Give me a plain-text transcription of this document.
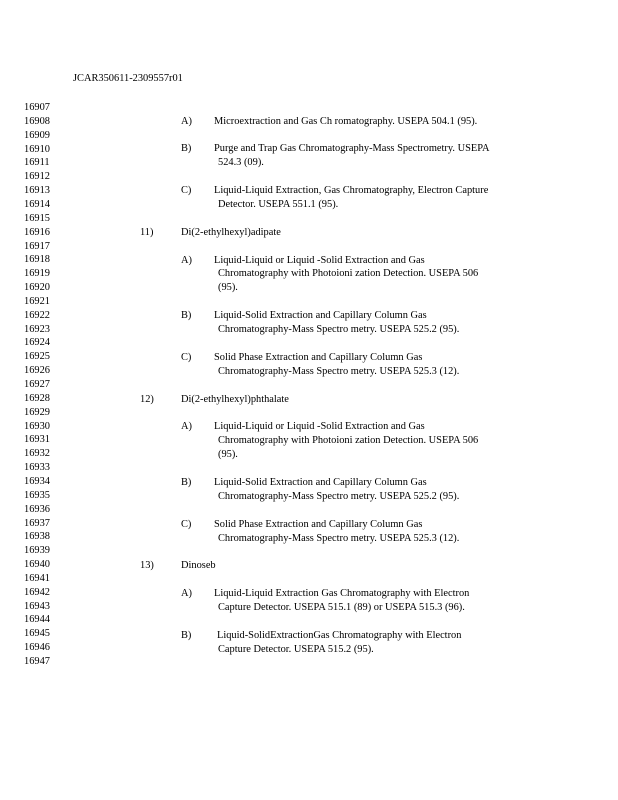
JCAR350611-2309557r01
16907
16908
16909
16910
16911
16912
16913
16914
16915
16916
16917
16918
16919
16920
16921
16922
16923
16924
16925
16926
16927
16928
16929
16930
16931
16932
16933
16934
16935
16936
16937
16938
16939
16940
16941
16942
16943
16944
16945
16946
16947
A) Microextraction and Gas Ch romatography. USEPA 504.1 (95).
B) Purge and Trap Gas Chromatography-Mass Spectrometry. USEPA
524.3 (09).
C) Liquid-Liquid Extraction, Gas Chromatography, Electron Capture
Detector. USEPA 551.1 (95).
11)	Di(2-ethylhexyl)adipate
A) Liquid-Liquid or Liquid -Solid Extraction and Gas
Chromatography with Photoioni zation Detection. USEPA 506
(95).
B) Liquid-Solid Extraction and Capillary Column Gas
Chromatography-Mass Spectro metry. USEPA 525.2 (95).
C) Solid Phase Extraction and Capillary Column Gas
Chromatography-Mass Spectro metry. USEPA 525.3 (12).
12)	Di(2-ethylhexyl)phthalate
A) Liquid-Liquid or Liquid -Solid Extraction and Gas
Chromatography with Photoioni zation Detection. USEPA 506
(95).
B) Liquid-Solid Extraction and Capillary Column Gas
Chromatography-Mass Spectro metry. USEPA 525.2 (95).
C) Solid Phase Extraction and Capillary Column Gas
Chromatography-Mass Spectro metry. USEPA 525.3 (12).
13)	Dinoseb
A) Liquid-Liquid Extraction Gas Chromatography with Electron
Capture Detector. USEPA 515.1 (89) or USEPA 515.3 (96).
B) Liquid-SolidExtractionGas Chromatography with Electron
Capture Detector. USEPA 515.2 (95).
